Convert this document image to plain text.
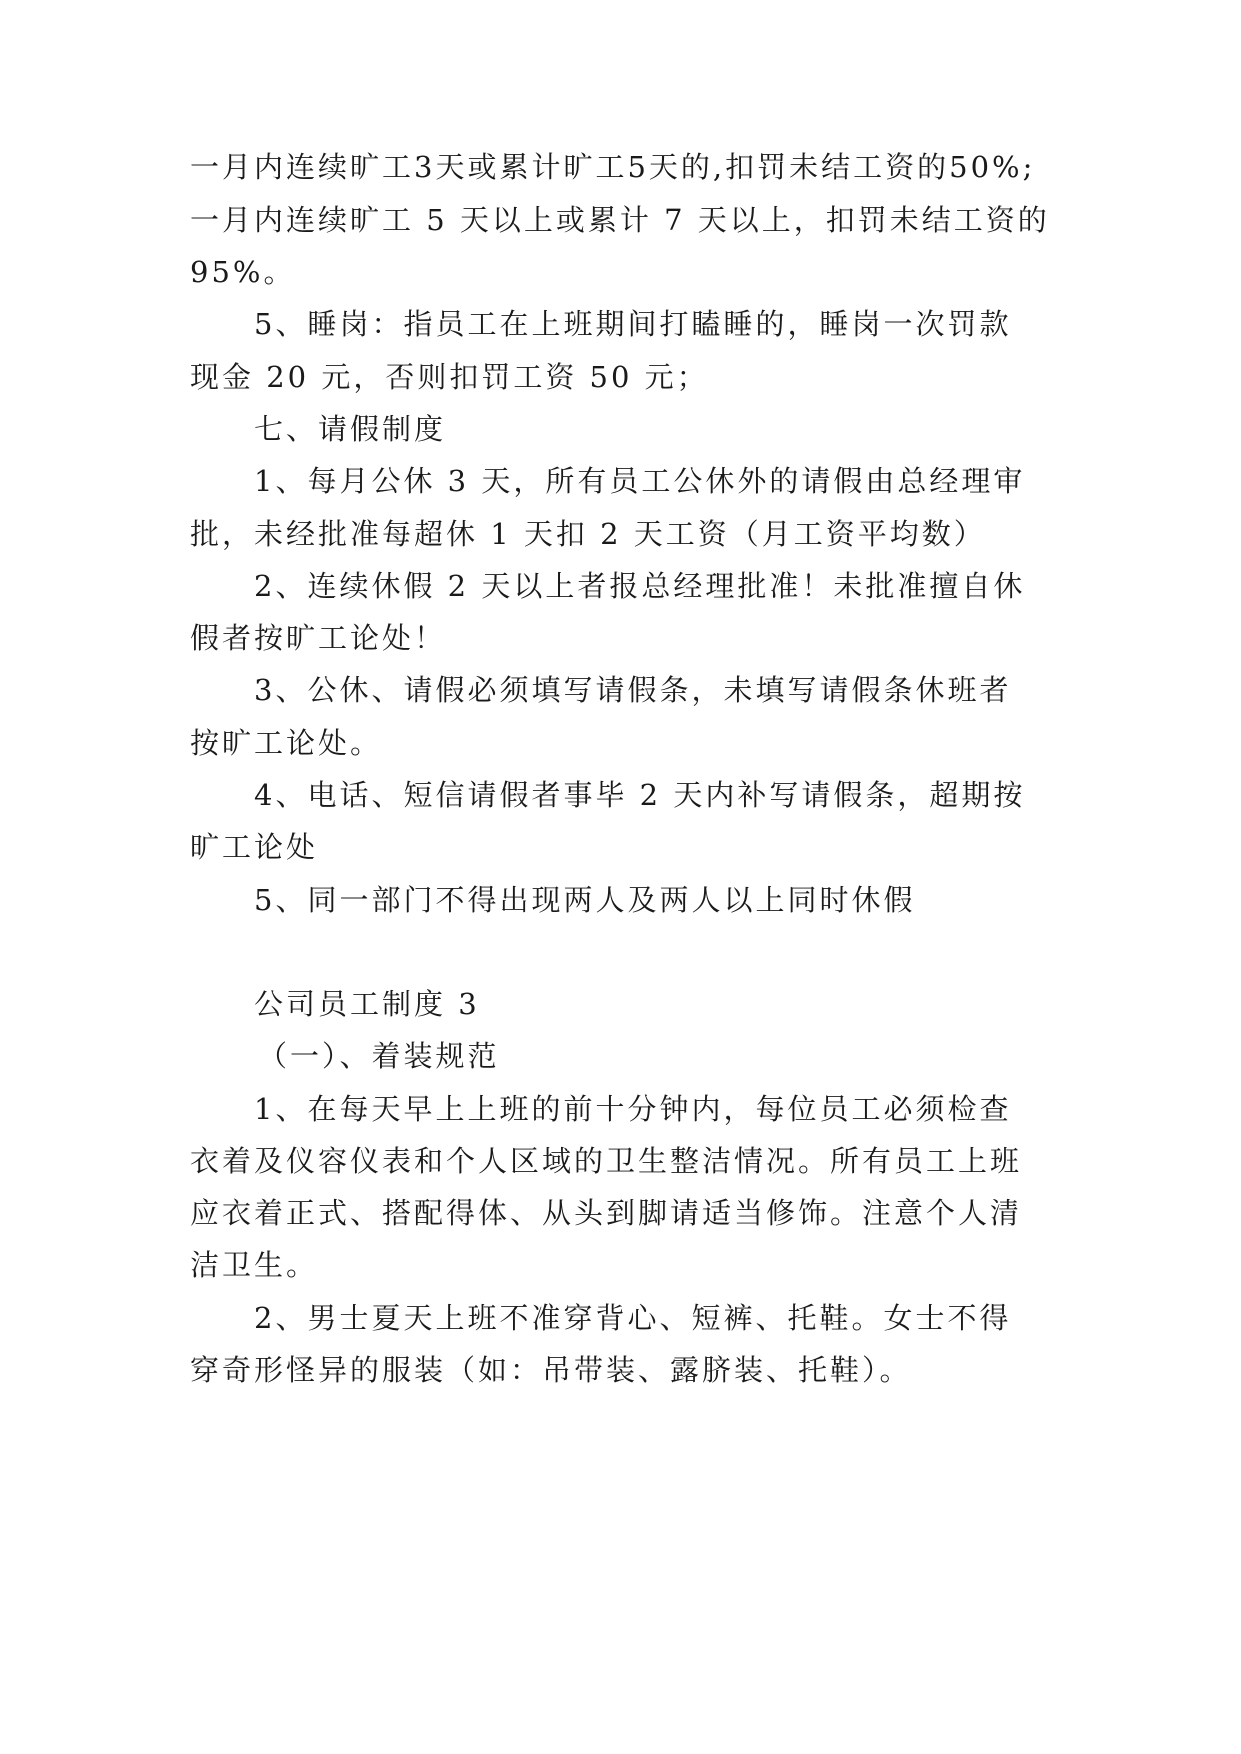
一月内连续旷工3天或累计旷工5天的,扣罚未结工资的50%;
一月内连续旷工 5 天以上或累计 7 天以上，扣罚未结工资的
95%。
5、睡岗：指员工在上班期间打瞌睡的，睡岗一次罚款
现金 20 元，否则扣罚工资 50 元；
七、请假制度
1、每月公休 3 天，所有员工公休外的请假由总经理审
批，未经批准每超休 1 天扣 2 天工资（月工资平均数）
2、连续休假 2 天以上者报总经理批准！未批准擅自休
假者按旷工论处！
3、公休、请假必须填写请假条，未填写请假条休班者
按旷工论处。
4、电话、短信请假者事毕 2 天内补写请假条，超期按
旷工论处
5、同一部门不得出现两人及两人以上同时休假
公司员工制度 3
（一）、着装规范
1、在每天早上上班的前十分钟内，每位员工必须检查
衣着及仪容仪表和个人区域的卫生整洁情况。所有员工上班
应衣着正式、搭配得体、从头到脚请适当修饰。注意个人清
洁卫生。
2、男士夏天上班不准穿背心、短裤、托鞋。女士不得
穿奇形怪异的服装（如：吊带装、露脐装、托鞋）。
